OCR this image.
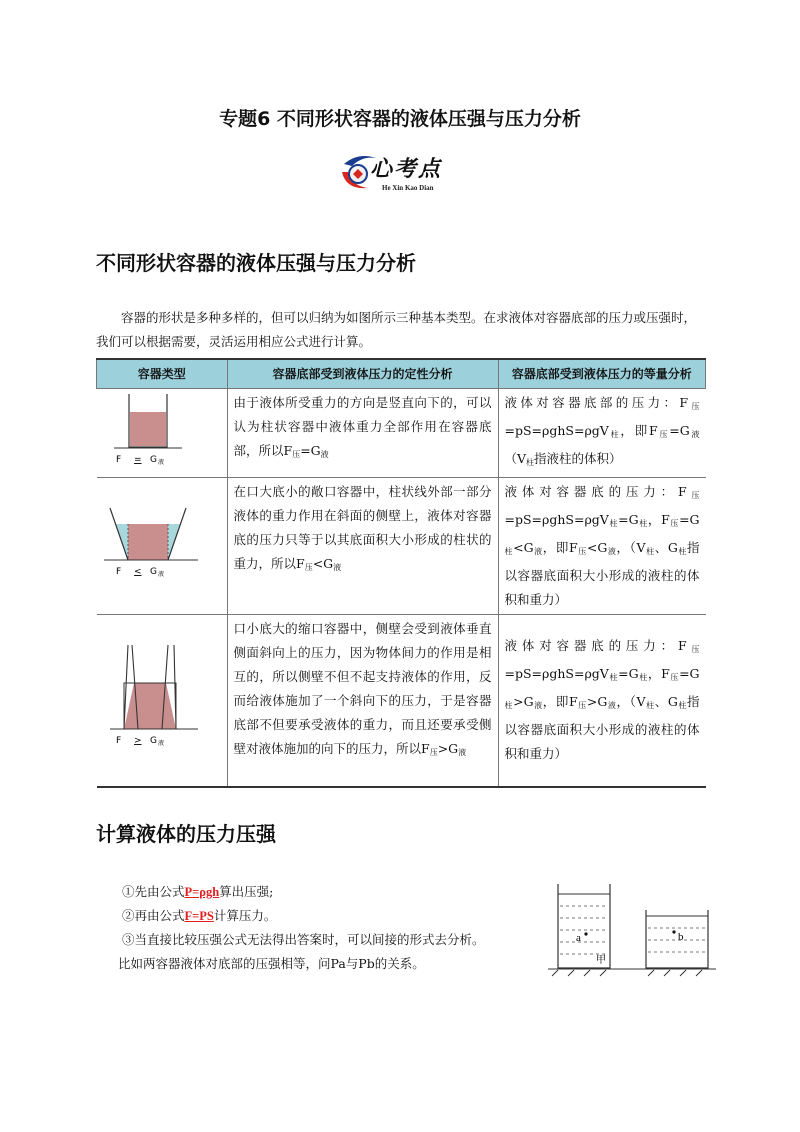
专题6 不同形状容器的液体压强与压力分析
心考点
He Xin Kao Dian
不同形状容器的液体压强与压力分析
容器的形状是多种多样的，但可以归纳为如图所示三种基本类型。在求液体对容器底部的压力或压强时，我们可以根据需要，灵活运用相应公式进行计算。
容器类型	容器底部受到液体压力的定性分析	容器底部受到液体压力的等量分析

F = G 液	由于液体所受重力的方向是竖直向下的，可以认为柱状容器中液体重力全部作用在容器底部，所以$F_压=G_液$	液体对容器底部的压力：$F_压=pS=\rho ghS=\rho gV_柱$，即$F_压=G_液(V_柱$指液柱的体积）

F < G 液	在口大底小的敞口容器中，柱状线外部一部分液体的重力作用在斜面的侧壁上，液体对容器底的压力只等于以其底面积大小形成的柱状的重力，所以$F_压<G_液$	液体对容器底的压力：$F_压=pS=\rho ghS=\rho gV_柱=G_柱$，$F_压=G_柱<G_液$，即$F_压<G_液$，（$V_柱$、$G_柱$指以容器底面积大小形成的液柱的体积和重力）

F > G 液	口小底大的缩口容器中，侧壁会受到液体垂直侧面斜向上的压力，因为物体间力的作用是相互的，所以侧壁不但不起支持液体的作用，反而给液体施加了一个斜向下的压力，于是容器底部不但要承受液体的重力，而且还要承受侧壁对液体施加的向下的压力，所以$F_压>G_液$	液体对容器底的压力：$F_压=pS=\rho ghS=\rho gV_柱=G_柱$，$F_压=G_柱>G_液$，即$F_压>G_液$，（$V_柱$、$G_柱$指以容器底面积大小形成的液柱的体积和重力）
计算液体的压力压强
①先由公式P=ρgh算出压强;
②再由公式F=PS计算压力。
③当直接比较压强公式无法得出答案时，可以间接的形式去分析。
比如两容器液体对底部的压强相等，问Pa与Pb的关系。
a
甲
b
